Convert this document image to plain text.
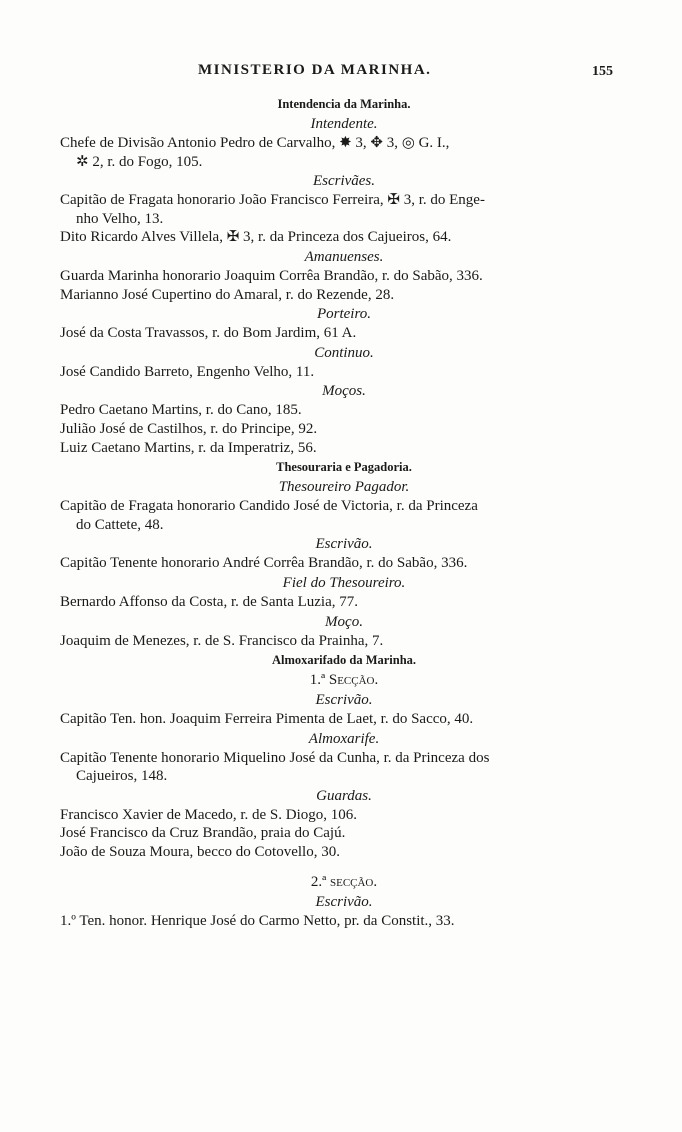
MINISTERIO DA MARINHA.	155
Intendencia da Marinha.
Intendente.
Chefe de Divisão Antonio Pedro de Carvalho, ✸ 3, ✥ 3, ◎ G. I.,
✲ 2, r. do Fogo, 105.
Escrivães.
Capitão de Fragata honorario João Francisco Ferreira, ✠ 3, r. do Enge-
nho Velho, 13.
Dito Ricardo Alves Villela, ✠ 3, r. da Princeza dos Cajueiros, 64.
Amanuenses.
Guarda Marinha honorario Joaquim Corrêa Brandão, r. do Sabão, 336.
Marianno José Cupertino do Amaral, r. do Rezende, 28.
Porteiro.
José da Costa Travassos, r. do Bom Jardim, 61 A.
Continuo.
José Candido Barreto, Engenho Velho, 11.
Moços.
Pedro Caetano Martins, r. do Cano, 185.
Julião José de Castilhos, r. do Principe, 92.
Luiz Caetano Martins, r. da Imperatriz, 56.
Thesouraria e Pagadoria.
Thesoureiro Pagador.
Capitão de Fragata honorario Candido José de Victoria, r. da Princeza
do Cattete, 48.
Escrivão.
Capitão Tenente honorario André Corrêa Brandão, r. do Sabão, 336.
Fiel do Thesoureiro.
Bernardo Affonso da Costa, r. de Santa Luzia, 77.
Moço.
Joaquim de Menezes, r. de S. Francisco da Prainha, 7.
Almoxarifado da Marinha.
1.ª Secção.
Escrivão.
Capitão Ten. hon. Joaquim Ferreira Pimenta de Laet, r. do Sacco, 40.
Almoxarife.
Capitão Tenente honorario Miquelino José da Cunha, r. da Princeza dos
Cajueiros, 148.
Guardas.
Francisco Xavier de Macedo, r. de S. Diogo, 106.
José Francisco da Cruz Brandão, praia do Cajú.
João de Souza Moura, becco do Cotovello, 30.
2.ª secção.
Escrivão.
1.º Ten. honor. Henrique José do Carmo Netto, pr. da Constit., 33.
